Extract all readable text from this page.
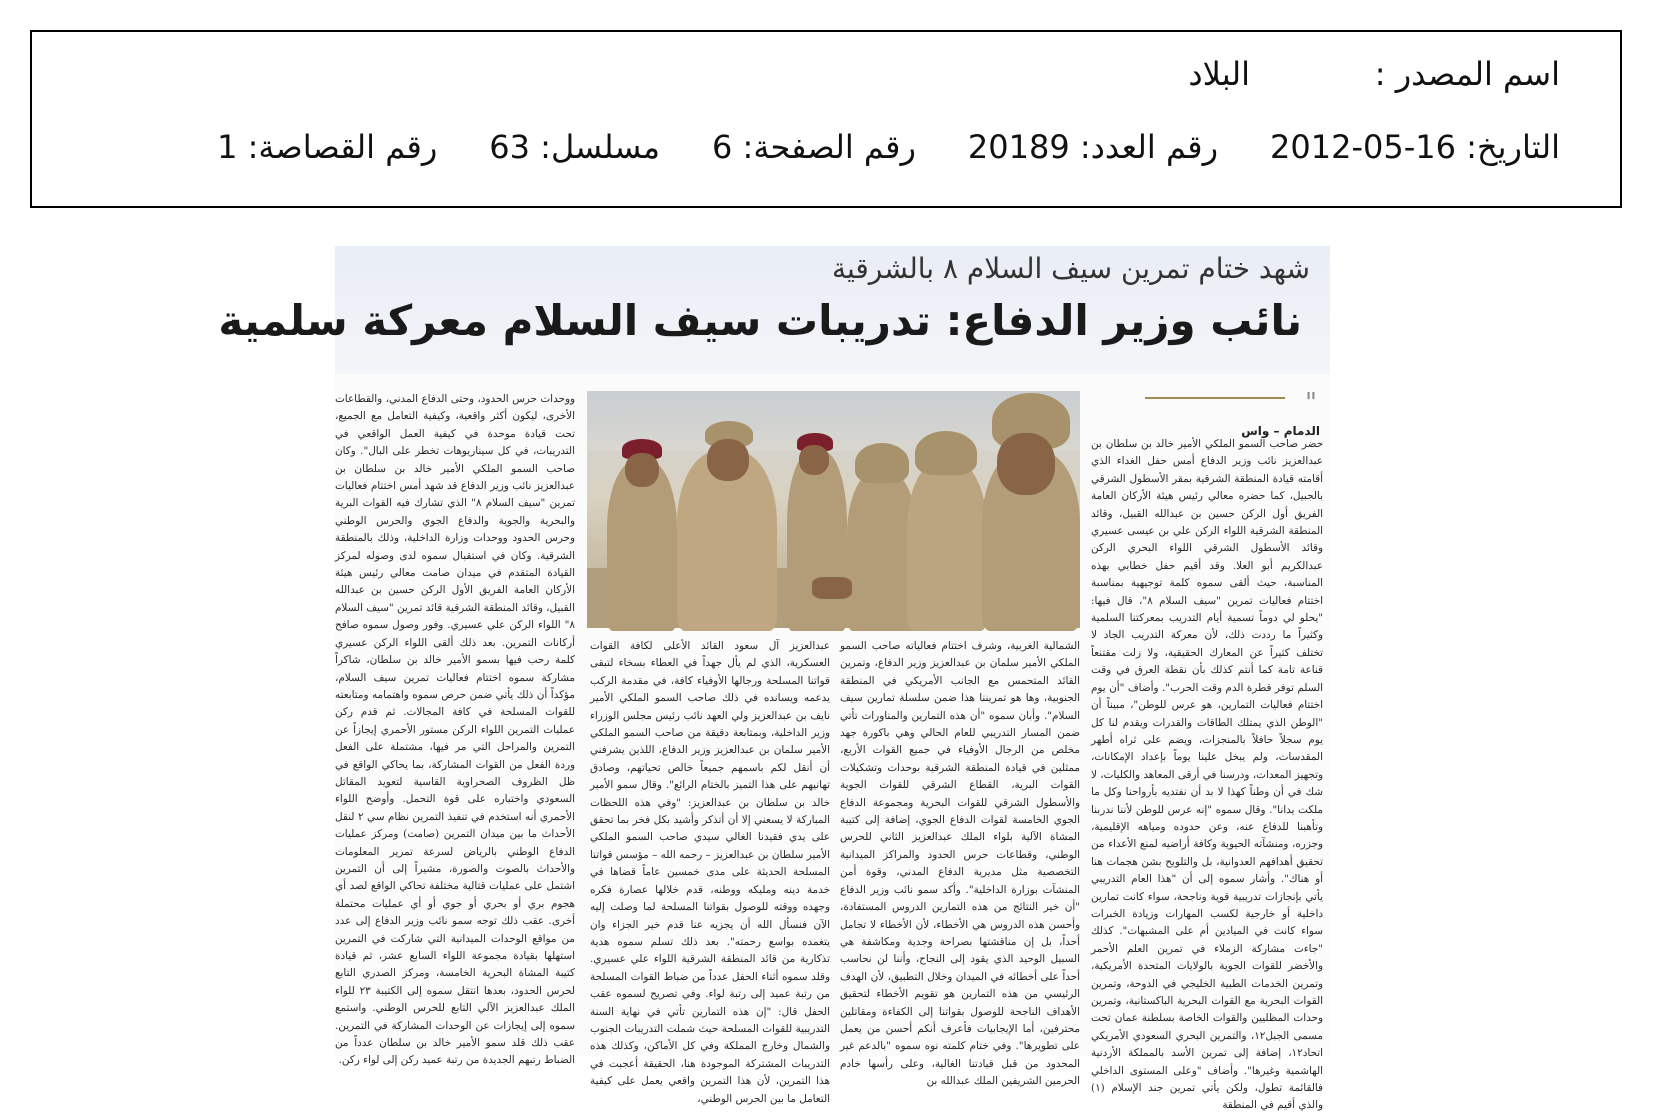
اسم المصدر :البلاد
التاريخ: 2012-05-16رقم العدد: 20189رقم الصفحة: 6مسلسل: 63رقم القصاصة: 1
شهد ختام تمرين سيف السلام ٨ بالشرقية
نائب وزير الدفاع: تدريبات سيف السلام معركة سلمية
"
الدمام – واس

حضر صاحب السمو الملكي الأمير خالد بن سلطان بن عبدالعزيز نائب وزير الدفاع أمس حفل الغداء الذي أقامته قيادة المنطقة الشرقية بمقر الأسطول الشرقي بالجبيل، كما حضره معالي رئيس هيئة الأركان العامة الفريق أول الركن حسين بن عبدالله القبيل، وقائد المنطقة الشرقية اللواء الركن علي بن عيسى عسيري وقائد الأسطول الشرقي اللواء البحري الركن عبدالكريم أبو العلا. وقد أقيم حفل خطابي بهذه المناسبة، حيث ألقى سموه كلمة توجيهية بمناسبة اختتام فعاليات تمرين "سيف السلام ٨"، قال فيها: "يحلو لي دوماً تسمية أيام التدريب بمعركتنا السلمية وكثيراً ما رددت ذلك، لأن معركة التدريب الجاد لا تختلف كثيراً عن المعارك الحقيقية، ولا زلت مقتنعاً قناعة تامة كما أنتم كذلك بأن نقطة العرق في وقت السلم توفر قطرة الدم وقت الحرب". وأضاف "أن يوم اختتام فعاليات التمارين، هو عرس للوطن"، مبيناً أن "الوطن الذي يمتلك الطاقات والقدرات ويقدم لنا كل يوم سجلاً حافلاً بالمنجزات، ويضم على ثراه أطهر المقدسات، ولم يبخل علينا يوماً بإعداد الإمكانات، وتجهيز المعدات، ودرسنا في أرقى المعاهد والكليات، لا شك في أن وطناً كهذا لا بد أن نفتديه بأرواحنا وكل ما ملكت يدانا". وقال سموه "إنه عرس للوطن لأننا ندربنا وتأهبنا للدفاع عنه، وعن حدوده ومياهه الإقليمية، وجزره، ومنشآته الحيوية وكافة أراضيه لمنع الأعداء من تحقيق أهدافهم العدوانية، بل والتلويح بشن هجمات هنا أو هناك". وأشار سموه إلى أن "هذا العام التدريبي يأتي بإنجازات تدريبية قوية وناجحة، سواء كانت تمارين داخلية أو خارجية لكسب المهارات وزيادة الخبرات سواء كانت في الميادين أم على المشبهات". كذلك "جاءت مشاركة الزملاء في تمرين العلم الأحمر والأخضر للقوات الجوية بالولايات المتحدة الأمريكية، وتمرين الخدمات الطبية الخليجي في الدوحة، وتمرين القوات البحرية مع القوات البحرية الباكستانية، وتمرين وحدات المظليين والقوات الخاصة بسلطنة عمان تحت مسمى الجبل١٢، والتمرين البحري السعودي الأمريكي اتحاد١٢، إضافة إلى تمرين الأسد بالمملكة الأردنية الهاشمية وغيرها". وأضاف "وعلى المستوى الداخلي فالقائمة تطول، ولكن يأتي تمرين جند الإسلام (١) والذي أقيم في المنطقة

الشمالية الغربية، وشرف اختتام فعالياته صاحب السمو الملكي الأمير سلمان بن عبدالعزيز وزير الدفاع، وتمرين القائد المتحمس مع الجانب الأمريكي في المنطقة الجنوبية، وها هو تمريننا هذا ضمن سلسلة تمارين سيف السلام". وأبان سموه "أن هذه التمارين والمناورات تأتي ضمن المسار التدريبي للعام الحالي وهي باكورة جهد مخلص من الرجال الأوفياء في جميع القوات الأربع، ممثلين في قيادة المنطقة الشرقية بوحدات وتشكيلات القوات البرية، القطاع الشرقي للقوات الجوية والأسطول الشرقي للقوات البحرية ومجموعة الدفاع الجوي الخامسة لقوات الدفاع الجوي، إضافة إلى كتيبة المشاة الآلية بلواء الملك عبدالعزيز الثاني للحرس الوطني، وقطاعات حرس الحدود والمراكز الميدانية التخصصية مثل مديرية الدفاع المدني، وقوة أمن المنشآت بوزارة الداخلية". وأكد سمو نائب وزير الدفاع "أن خير النتائج من هذه التمارين الدروس المستفادة، وأحسن هذه الدروس هي الأخطاء، لأن الأخطاء لا تجامل أحداً، بل إن مناقشتها بصراحة وجدية ومكاشفة هي السبيل الوحيد الذي يقود إلى النجاح، وأننا لن نحاسب أحداً على أخطائه في الميدان وخلال التطبيق، لأن الهدف الرئيسي من هذه التمارين هو تقويم الأخطاء لتحقيق الأهداف الناجحة للوصول بقواتنا إلى الكفاءة ومقاتلين محترفين، أما الإيجابيات فأعرف أنكم أحسن من يعمل على تطويرها". وفي ختام كلمته نوه سموه "بالدعم غير المحدود من قبل قيادتنا الغالية، وعلى رأسها خادم الحرمين الشريفين الملك عبدالله بن

عبدالعزيز آل سعود القائد الأعلى لكافة القوات العسكرية، الذي لم يأل جهداً في العطاء بسخاء لتبقى قواتنا المسلحة ورجالها الأوفياء كافة، في مقدمة الركب يدعمه ويسانده في ذلك صاحب السمو الملكي الأمير نايف بن عبدالعزيز ولي العهد نائب رئيس مجلس الوزراء وزير الداخلية، وبمتابعة دقيقة من صاحب السمو الملكي الأمير سلمان بن عبدالعزيز وزير الدفاع، اللذين يشرفني أن أنقل لكم باسمهم جميعاً خالص تحياتهم، وصادق تهانيهم على هذا التميز بالختام الرائع". وقال سمو الأمير خالد بن سلطان بن عبدالعزيز: "وفي هذه اللحظات المباركة لا يسعني إلا أن أتذكر وأشيد بكل فخر بما تحقق على يدي فقيدنا الغالي سيدي صاحب السمو الملكي الأمير سلطان بن عبدالعزيز – رحمه الله – مؤسس قواتنا المسلحة الحديثة على مدى خمسين عاماً قضاها في خدمة دينه ومليكه ووطنه، قدم خلالها عصارة فكره وجهده ووقته للوصول بقواتنا المسلحة لما وصلت إليه الآن فنسأل الله أن يجزيه عنا قدم خير الجزاء وان يتغمده بواسع رحمته". بعد ذلك تسلم سموه هدية تذكارية من قائد المنطقة الشرقية اللواء علي عسيري. وقلد سموه أثناء الحفل عدداً من ضباط القوات المسلحة من رتبة عميد إلى رتبة لواء. وفي تصريح لسموه عقب الحفل قال: "إن هذه التمارين تأتي في نهاية السنة التدريبية للقوات المسلحة حيث شملت التدريبات الجنوب والشمال وخارج المملكة وفي كل الأماكن، وكذلك هذه التدريبات المشتركة الموجودة هنا، الحقيقة أعجبت في هذا التمرين، لأن هذا التمرين واقعي يعمل على كيفية التعامل ما بين الحرس الوطني،

ووحدات حرس الحدود، وحتى الدفاع المدني، والقطاعات الأخرى، ليكون أكثر واقعية، وكيفية التعامل مع الجميع، تحت قيادة موحدة في كيفية العمل الواقعي في التدريبات، في كل سيناريوهات تخطر على البال". وكان صاحب السمو الملكي الأمير خالد بن سلطان بن عبدالعزيز نائب وزير الدفاع قد شهد أمس اختتام فعاليات تمرين "سيف السلام ٨" الذي تشارك فيه القوات البرية والبحرية والجوية والدفاع الجوي والحرس الوطني وحرس الحدود ووحدات وزارة الداخلية، وذلك بالمنطقة الشرقية. وكان في استقبال سموه لدى وصوله لمركز القيادة المتقدم في ميدان صامت معالي رئيس هيئة الأركان العامة الفريق الأول الركن حسين بن عبدالله القبيل، وقائد المنطقة الشرقية قائد تمرين "سيف السلام ٨" اللواء الركن علي عسيري. وفور وصول سموه صافح أركانات التمرين. بعد ذلك ألقى اللواء الركن عسيري كلمة رحب فيها بسمو الأمير خالد بن سلطان، شاكراً مشاركة سموه اختتام فعاليات تمرين سيف السلام، مؤكداً أن ذلك يأتي ضمن حرص سموه واهتمامه ومتابعته للقوات المسلحة في كافة المجالات. ثم قدم ركن عمليات التمرين اللواء الركن مستور الأحمري إيجازاً عن التمرين والمراحل التي مر فيها، مشتملة على الفعل وردة الفعل من القوات المشاركة، بما يحاكي الواقع في ظل الظروف الصحراوية القاسية لتعويد المقاتل السعودي واختباره على قوة التحمل. وأوضح اللواء الأحمري أنه استخدم في تنفيذ التمرين نظام سي ٢ لنقل الأحداث ما بين ميدان التمرين (صامت) ومركز عمليات الدفاع الوطني بالرياض لسرعة تمرير المعلومات والأحداث بالصوت والصورة، مشيراً إلى أن التمرين اشتمل على عمليات قتالية مختلفة تحاكي الواقع لصد أي هجوم بري أو بحري أو جوي أو أي عمليات محتملة أخرى. عقب ذلك توجه سمو نائب وزير الدفاع إلى عدد من مواقع الوحدات الميدانية التي شاركت في التمرين استهلها بقيادة مجموعة اللواء السابع عشر، ثم قيادة كتيبة المشاة البحرية الخامسة، ومركز الصدري التابع لحرس الحدود، بعدها انتقل سموه إلى الكتيبة ٢٣ للواء الملك عبدالعزيز الآلي التابع للحرس الوطني. واستمع سموه إلى إيجازات عن الوحدات المشاركة في التمرين. عقب ذلك قلد سمو الأمير خالد بن سلطان عدداً من الضباط رتبهم الجديدة من رتبة عميد ركن إلى لواء ركن.
